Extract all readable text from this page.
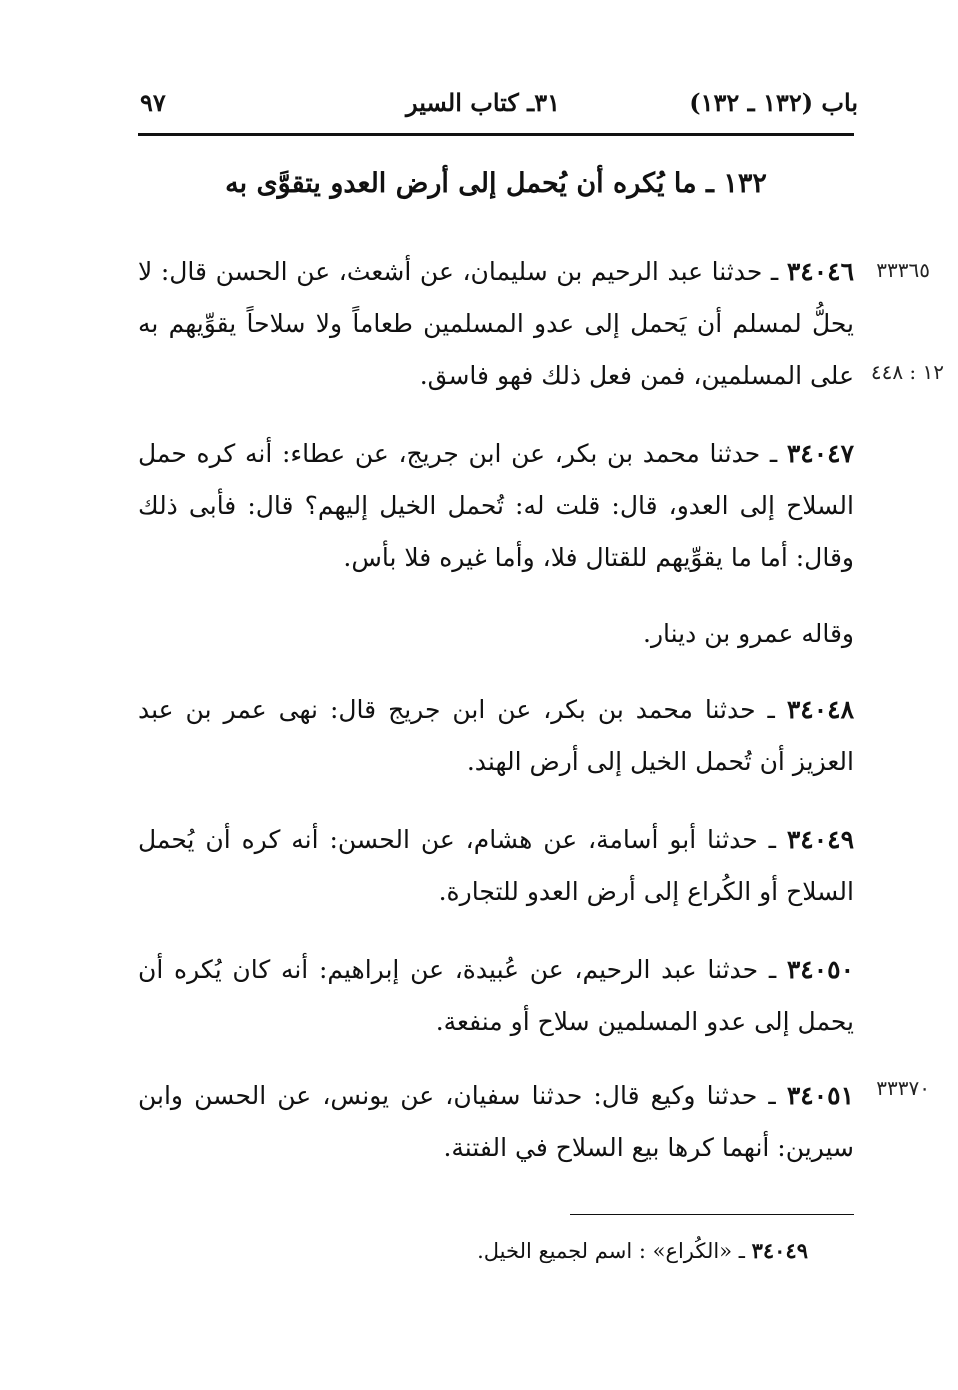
٩٧	٣١ـ كتاب السير	باب (١٣٢ ـ ١٣٢)
١٣٢ ـ ما يُكره أن يُحمل إلى أرض العدو يتقوَّى به
٣٣٣٦٥
١٢ : ٤٤٨
٣٣٣٧٠
٣٤٠٤٦ ـ حدثنا عبد الرحيم بن سليمان، عن أشعث، عن الحسن قال: لا يحلُّ لمسلم أن يَحمل إلى عدو المسلمين طعاماً ولا سلاحاً يقوِّيهم به على المسلمين، فمن فعل ذلك فهو فاسق.
٣٤٠٤٧ ـ حدثنا محمد بن بكر، عن ابن جريج، عن عطاء: أنه كره حمل السلاح إلى العدو، قال: قلت له: تُحمل الخيل إليهم؟ قال: فأبى ذلك وقال: أما ما يقوِّيهم للقتال فلا، وأما غيره فلا بأس.
وقاله عمرو بن دينار.
٣٤٠٤٨ ـ حدثنا محمد بن بكر، عن ابن جريج قال: نهى عمر بن عبد العزيز أن تُحمل الخيل إلى أرض الهند.
٣٤٠٤٩ ـ حدثنا أبو أسامة، عن هشام، عن الحسن: أنه كره أن يُحمل السلاح أو الكُراع إلى أرض العدو للتجارة.
٣٤٠٥٠ ـ حدثنا عبد الرحيم، عن عُبيدة، عن إبراهيم: أنه كان يُكره أن يحمل إلى عدو المسلمين سلاح أو منفعة.
٣٤٠٥١ ـ حدثنا وكيع قال: حدثنا سفيان، عن يونس، عن الحسن وابن سيرين: أنهما كرها بيع السلاح في الفتنة.
٣٤٠٤٩ ـ «الكُراع» : اسم لجميع الخيل.
